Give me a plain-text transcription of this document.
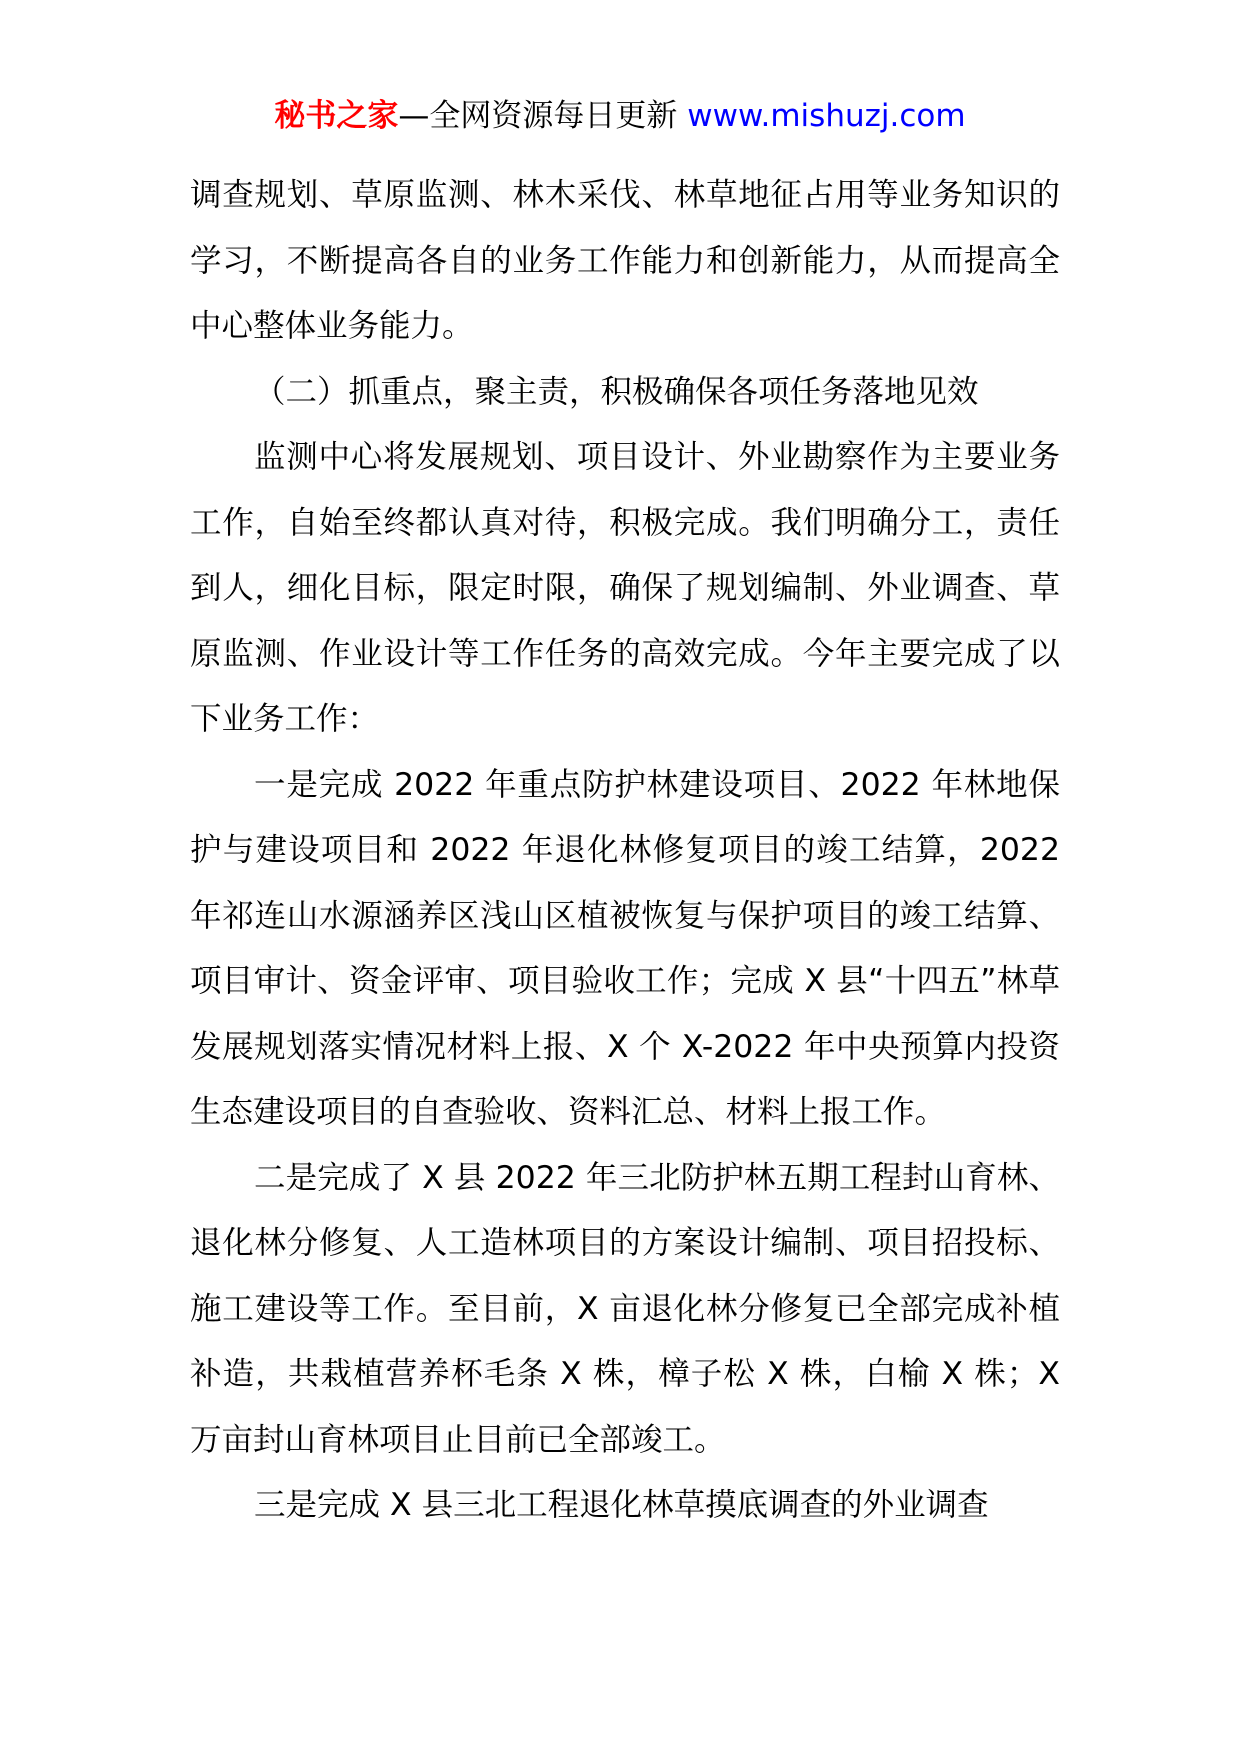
秘书之家—全网资源每日更新 www.mishuzj.com

调查规划、草原监测、林木采伐、林草地征占用等业务知识的学习，不断提高各自的业务工作能力和创新能力，从而提高全中心整体业务能力。

（二）抓重点，聚主责，积极确保各项任务落地见效

监测中心将发展规划、项目设计、外业勘察作为主要业务工作，自始至终都认真对待，积极完成。我们明确分工，责任到人，细化目标，限定时限，确保了规划编制、外业调查、草原监测、作业设计等工作任务的高效完成。今年主要完成了以下业务工作：

一是完成 2022 年重点防护林建设项目、2022 年林地保护与建设项目和 2022 年退化林修复项目的竣工结算，2022 年祁连山水源涵养区浅山区植被恢复与保护项目的竣工结算、项目审计、资金评审、项目验收工作；完成 X 县“十四五”林草发展规划落实情况材料上报、X 个 X-2022 年中央预算内投资生态建设项目的自查验收、资料汇总、材料上报工作。

二是完成了 X 县 2022 年三北防护林五期工程封山育林、退化林分修复、人工造林项目的方案设计编制、项目招投标、施工建设等工作。至目前，X 亩退化林分修复已全部完成补植补造，共栽植营养杯毛条 X 株，樟子松 X 株，白榆 X 株；X 万亩封山育林项目止目前已全部竣工。

三是完成 X 县三北工程退化林草摸底调查的外业调查
